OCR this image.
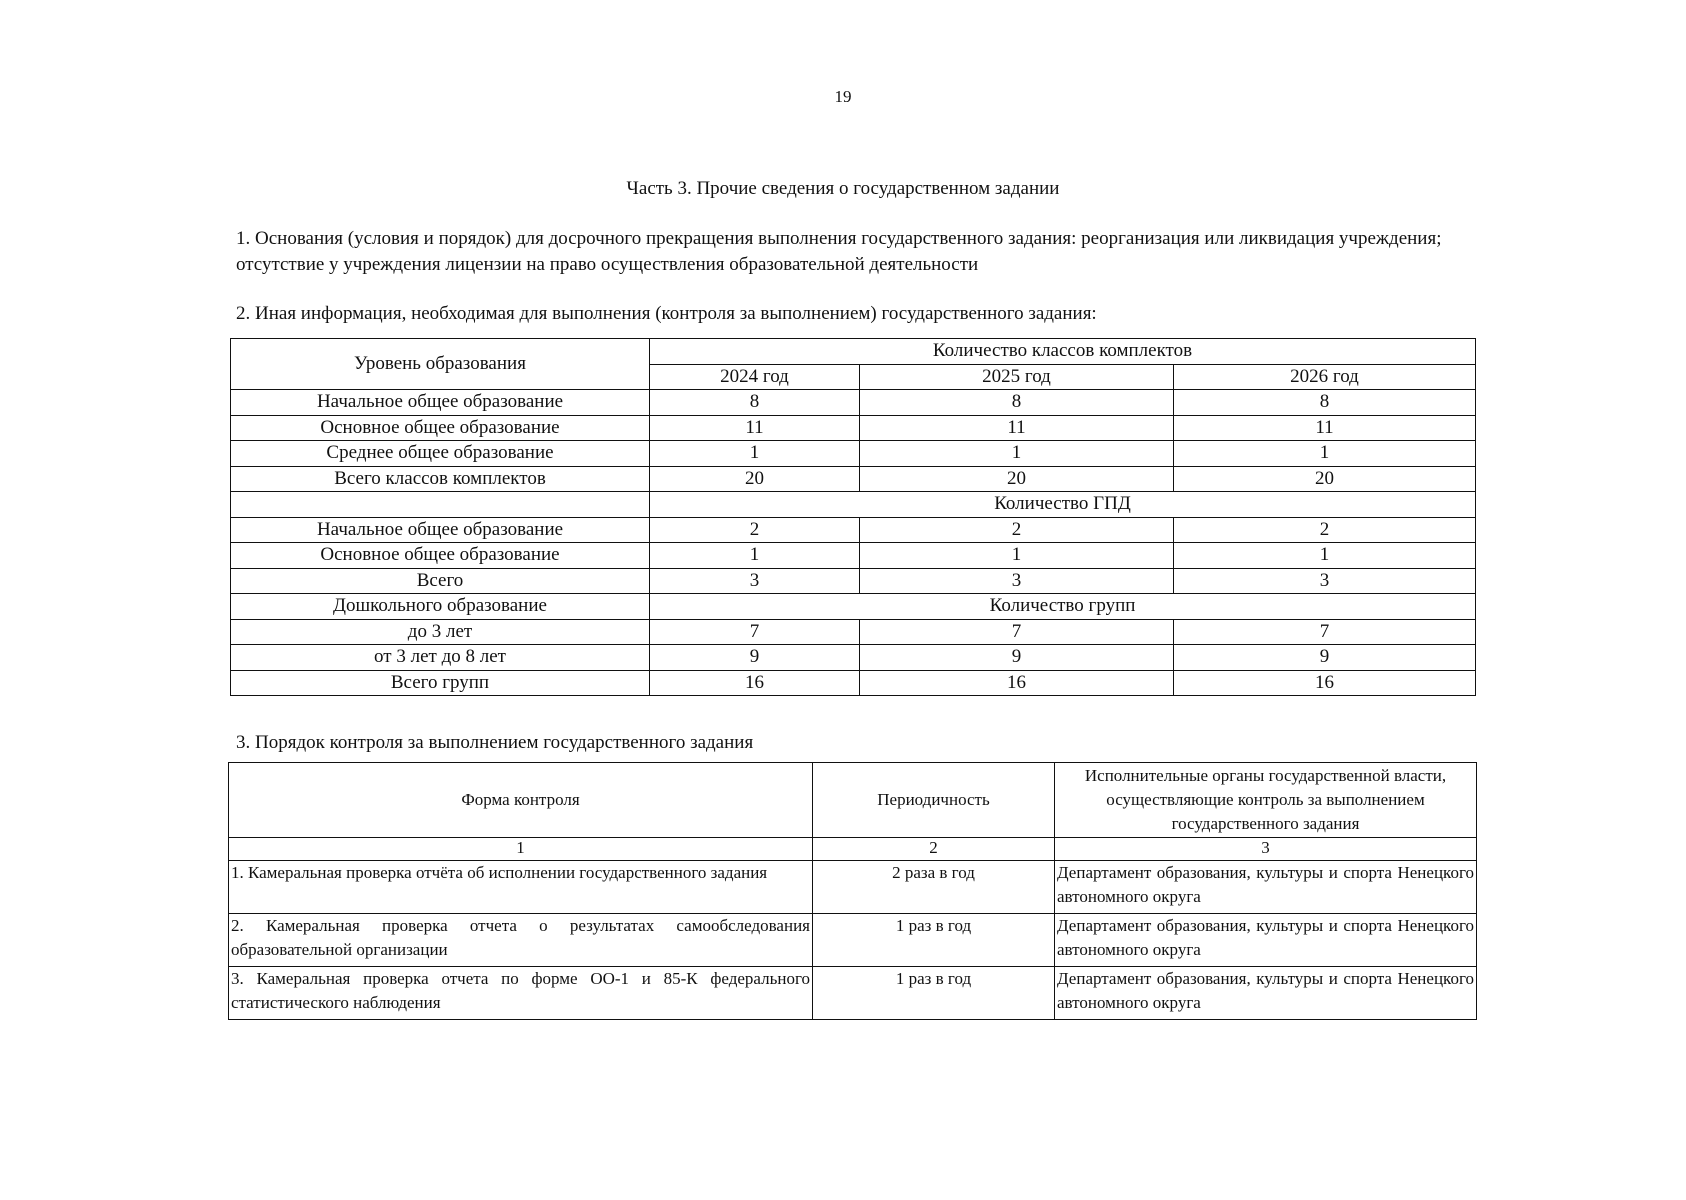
19
Часть 3. Прочие сведения о государственном задании
1. Основания (условия и порядок) для досрочного прекращения выполнения государственного задания: реорганизация или ликвидация учреждения; отсутствие у учреждения лицензии на право осуществления образовательной деятельности
2. Иная информация, необходимая для выполнения (контроля за выполнением) государственного задания:
Уровень образования	Количество классов комплектов		
	2024 год	2025 год	2026 год
Начальное общее образование	8	8	8
Основное общее образование	11	11	11
Среднее общее образование	1	1	1
Всего классов комплектов	20	20	20
	Количество ГПД		
Начальное общее образование	2	2	2
Основное общее образование	1	1	1
Всего	3	3	3
Дошкольного образование	Количество групп		
до 3 лет	7	7	7
от 3 лет до 8 лет	9	9	9
Всего групп	16	16	16
3. Порядок контроля за выполнением государственного задания
Форма контроля	Периодичность	Исполнительные органы государственной власти, осуществляющие контроль за выполнением государственного задания
1	2	3
1. Камеральная проверка отчёта об исполнении государственного задания	2 раза в год	Департамент образования, культуры и спорта Ненецкого автономного округа
2. Камеральная проверка отчета о результатах самообследования образовательной организации	1 раз в год	Департамент образования, культуры и спорта Ненецкого автономного округа
3. Камеральная проверка отчета по форме ОО-1 и 85-К федерального статистического наблюдения	1 раз в год	Департамент образования, культуры и спорта Ненецкого автономного округа
